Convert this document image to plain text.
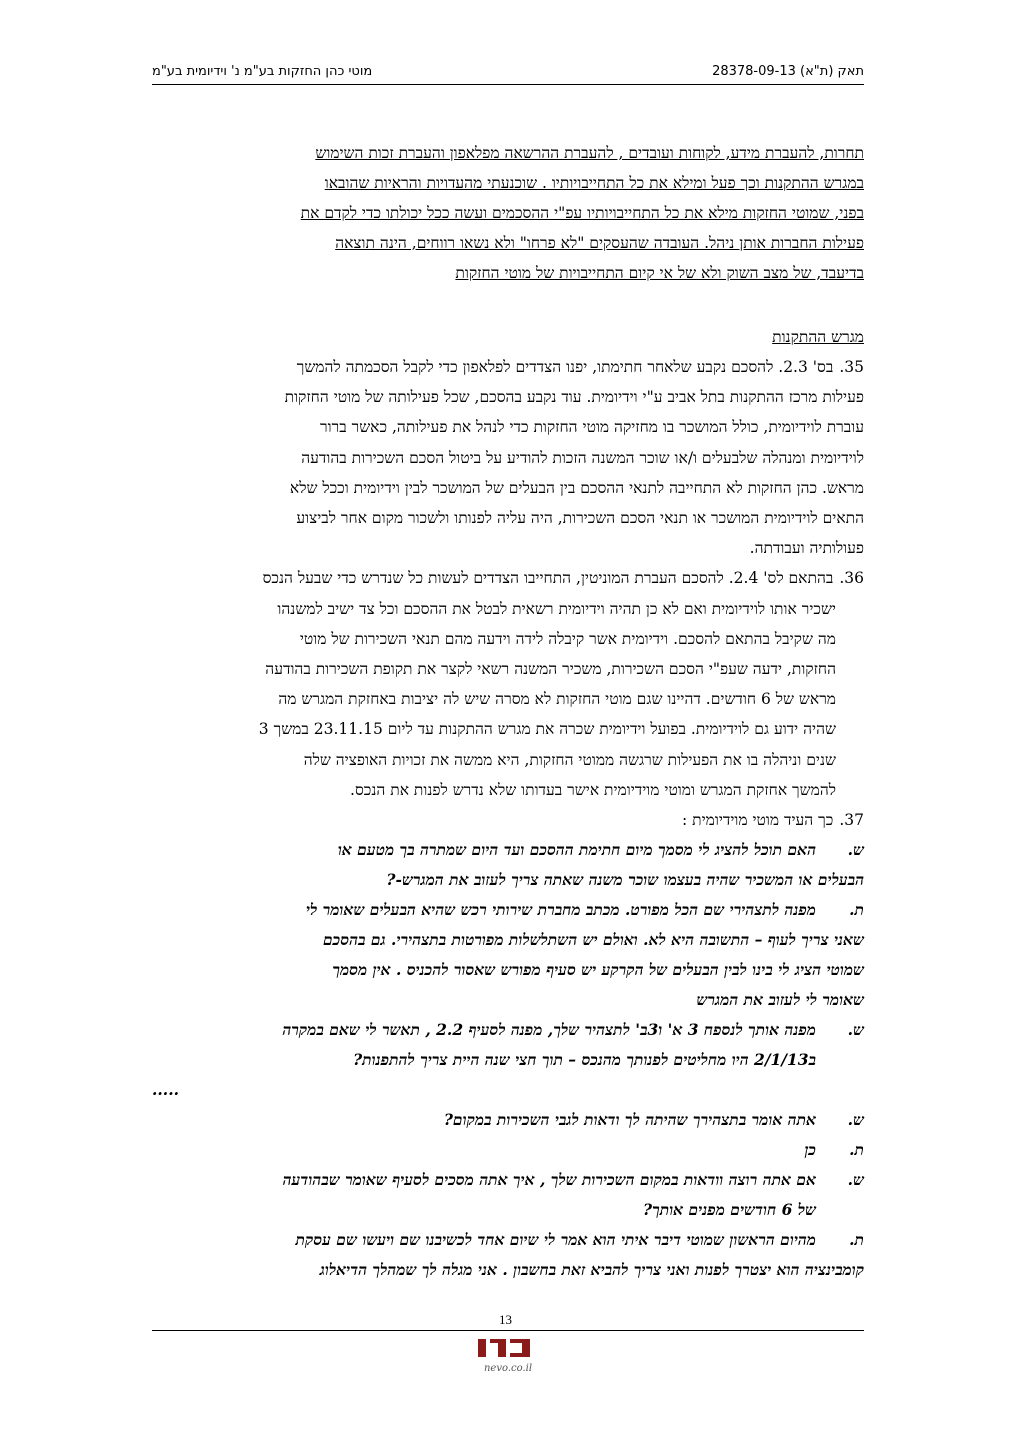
תאק (ת"א) 28378-09-13
מוטי כהן החזקות בע"מ נ' וידיומית בע"מ

תחרות, להעברת מידע, לקוחות ועובדים , להעברת ההרשאה מפלאפון והעברת זכות השימוש

במגרש ההתקנות וכך פעל ומילא את כל התחייבויותיו . שוכנעתי מהעדויות והראיות שהובאו

בפני, שמוטי החזקות מילא את כל התחייבויותיו עפ"י ההסכמים ועשה ככל יכולתו כדי לקדם את

פעילות החברות אותן ניהל. העובדה שהעסקים "לא פרחו" ולא נשאו רווחים, הינה תוצאה

בדיעבד, של מצב השוק ולא של אי קיום התחייבויות של מוטי החזקות

מגרש ההתקנות

35.בס' 2.3. להסכם נקבע שלאחר חתימתו, יפנו הצדדים לפלאפון כדי לקבל הסכמתה להמשך

פעילות מרכז ההתקנות בתל אביב ע"י וידיומית. עוד נקבע בהסכם, שכל פעילותה של מוטי החזקות

עוברת לוידיומית, כולל המושכר בו מחזיקה מוטי החזקות כדי לנהל את פעילותה, כאשר ברור

לוידיומית ומנהלה שלבעלים ו/או שוכר המשנה הזכות להודיע על ביטול הסכם השכירות בהודעה

מראש. כהן החזקות לא התחייבה לתנאי ההסכם בין הבעלים של המושכר לבין וידיומית וככל שלא

התאים לוידיומית המושכר או תנאי הסכם השכירות, היה עליה לפנותו ולשכור מקום אחר לביצוע

פעולותיה ועבודתה.

36.בהתאם לס' 2.4. להסכם העברת המוניטין, התחייבו הצדדים לעשות כל שנדרש כדי שבעל הנכס

ישכיר אותו לוידיומית ואם לא כן תהיה וידיומית רשאית לבטל את ההסכם וכל צד ישיב למשנהו

מה שקיבל בהתאם להסכם. וידיומית אשר קיבלה לידה וידעה מהם תנאי השכירות של מוטי

החזקות, ידעה שעפ"י הסכם השכירות, משכיר המשנה רשאי לקצר את תקופת השכירות בהודעה

מראש של 6 חודשים. דהיינו שגם מוטי החזקות לא מסרה שיש לה יציבות באחזקת המגרש מה

שהיה ידוע גם לוידיומית. בפועל וידיומית שכרה את מגרש ההתקנות עד ליום 23.11.15 במשך 3

שנים וניהלה בו את הפעילות שרגשה ממוטי החזקות, היא ממשה את זכויות האופציה שלה

להמשך אחזקת המגרש ומוטי מוידיומית אישר בעדותו שלא נדרש לפנות את הנכס.

37.כך העיד מוטי מוידיומית :

ש.
האם תוכל להציג לי מסמך מיום חתימת ההסכם ועד היום שמתרה בך מטעם או
הבעלים או המשכיר שהיה בעצמו שוכר משנה שאתה צריך לעזוב את המגרש-?
ת.
מפנה לתצהירי שם הכל מפורט. מכתב מחברת שירותי רכש שהיא הבעלים שאומר לי
שאני צריך לעוף – התשובה היא לא. ואולם יש השתלשלות מפורטות בתצהירי. גם בהסכם
שמוטי הציג לי בינו לבין הבעלים של הקרקע יש סעיף מפורש שאסור להכניס . אין מסמך
שאומר לי לעזוב את המגרש
ש.
מפנה אותך לנספח 3 א' ו3ב' לתצהיר שלך, מפנה לסעיף 2.2 , תאשר לי שאם במקרה
ב2/1/13 היו מחליטים לפנותך מהנכס – תוך חצי שנה היית צריך להתפנות?
.....
ש.
אתה אומר בתצהירך שהיתה לך ודאות לגבי השכירות במקום?
ת.
כן
ש.
אם אתה רוצה וודאות במקום השכירות שלך , איך אתה מסכים לסעיף שאומר שבהודעה
של 6 חודשים מפנים אותך?
ת.
מהיום הראשון שמוטי דיבר איתי הוא אמר לי שיום אחד לכשיבנו שם ויעשו שם עסקת
קומבינציה הוא יצטרך לפנות ואני צריך להביא זאת בחשבון . אני מגלה לך שמהלך הדיאלוג
13
nevo.co.il
